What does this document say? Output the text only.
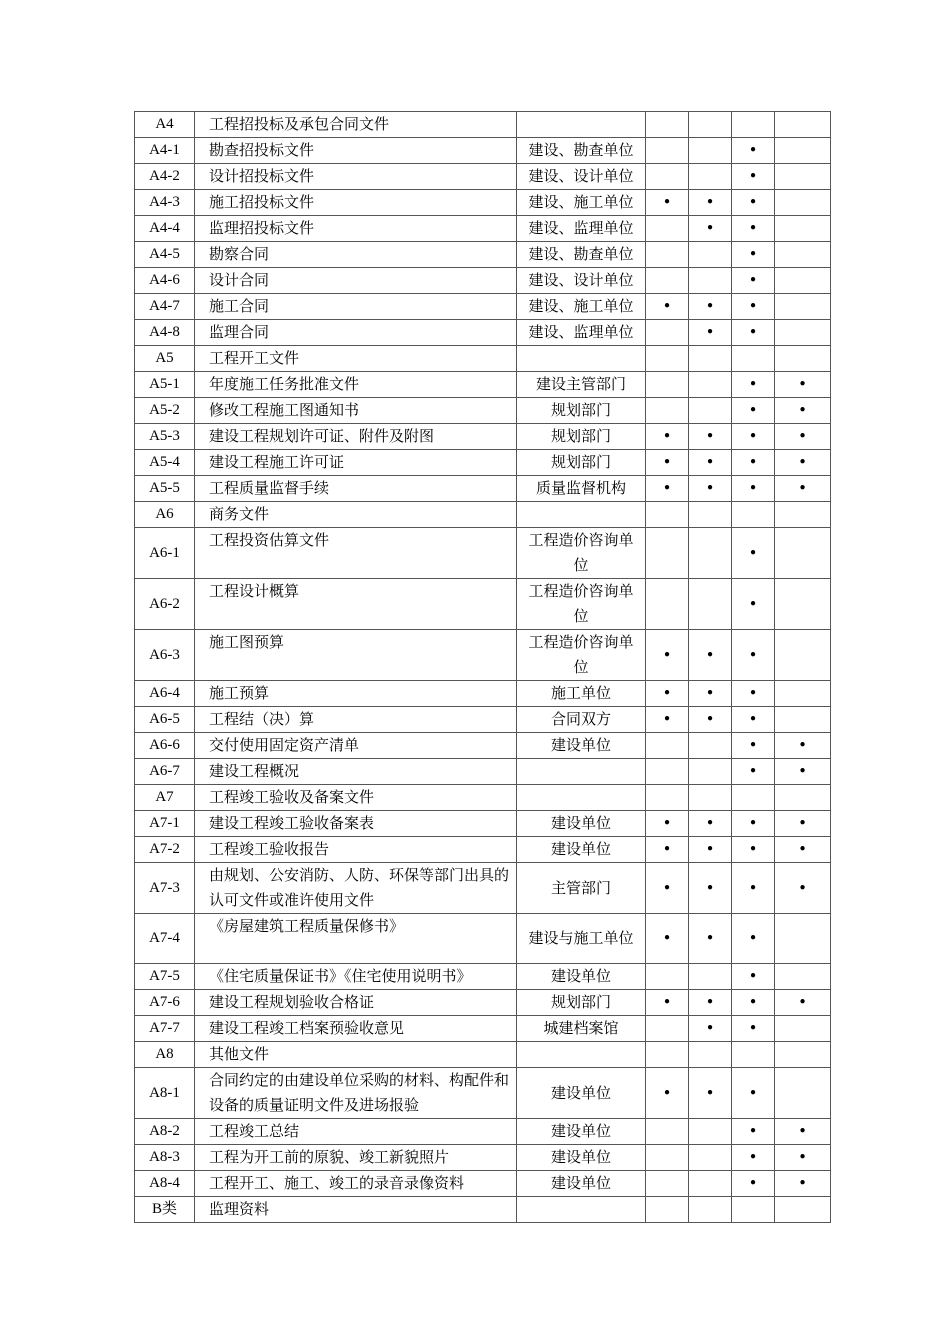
A4	工程招投标及承包合同文件					

A4-1	勘查招投标文件	建设、勘查单位			•	
A4-2	设计招投标文件	建设、设计单位			•	
A4-3	施工招投标文件	建设、施工单位	•	•	•	
A4-4	监理招投标文件	建设、监理单位		•	•	
A4-5	勘察合同	建设、勘查单位			•	
A4-6	设计合同	建设、设计单位			•	
A4-7	施工合同	建设、施工单位	•	•	•	
A4-8	监理合同	建设、监理单位		•	•	
A5	工程开工文件					

A5-1	年度施工任务批准文件	建设主管部门			•	•
A5-2	修改工程施工图通知书	规划部门			•	•
A5-3	建设工程规划许可证、附件及附图	规划部门	•	•	•	•
A5-4	建设工程施工许可证	规划部门	•	•	•	•
A5-5	工程质量监督手续	质量监督机构	•	•	•	•
A6	商务文件					

A6-1	工程投资估算文件	工程造价咨询单位			•	
A6-2	工程设计概算	工程造价咨询单位			•	
A6-3	施工图预算	工程造价咨询单位	•	•	•	
A6-4	施工预算	施工单位	•	•	•	
A6-5	工程结（决）算	合同双方	•	•	•	
A6-6	交付使用固定资产清单	建设单位			•	•
A6-7	建设工程概况				•	•
A7	工程竣工验收及备案文件					

A7-1	建设工程竣工验收备案表	建设单位	•	•	•	•
A7-2	工程竣工验收报告	建设单位	•	•	•	•
A7-3	由规划、公安消防、人防、环保等部门出具的认可文件或准许使用文件	主管部门	•	•	•	•
A7-4	《房屋建筑工程质量保修书》	建设与施工单位	•	•	•	
A7-5	《住宅质量保证书》《住宅使用说明书》	建设单位			•	
A7-6	建设工程规划验收合格证	规划部门	•	•	•	•
A7-7	建设工程竣工档案预验收意见	城建档案馆		•	•	
A8	其他文件					

A8-1	合同约定的由建设单位采购的材料、构配件和设备的质量证明文件及进场报验	建设单位	•	•	•	
A8-2	工程竣工总结	建设单位			•	•
A8-3	工程为开工前的原貌、竣工新貌照片	建设单位			•	•
A8-4	工程开工、施工、竣工的录音录像资料	建设单位			•	•
B类	监理资料					
